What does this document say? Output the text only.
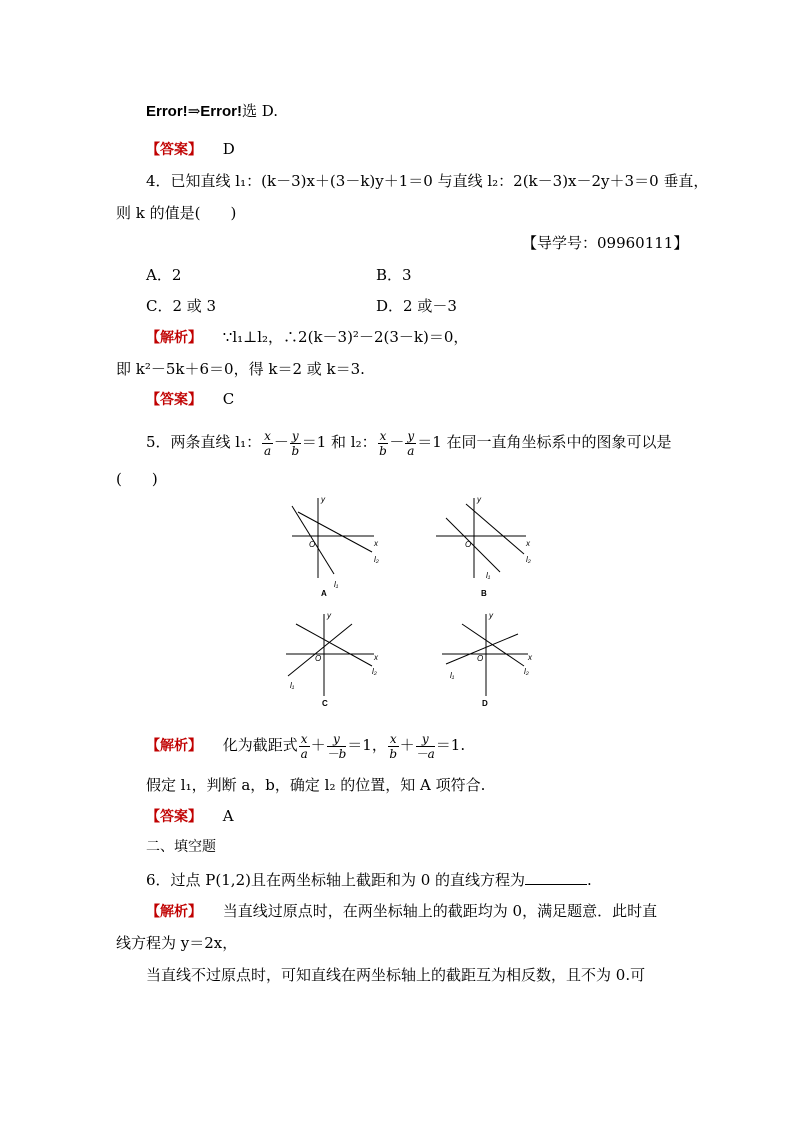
Error!⇒Error!选 D.
【答案】 D
4．已知直线 l₁：(k－3)x＋(3－k)y＋1＝0 与直线 l₂：2(k－3)x－2y＋3＝0 垂直，
则 k 的值是(　　)
【导学号：09960111】
A．2	B．3
C．2 或 3	D．2 或－3
【解析】 ∵l₁⊥l₂，∴2(k－3)²－2(3－k)＝0，
即 k²－5k＋6＝0，得 k＝2 或 k＝3.
【答案】 C
5．两条直线 l₁： $\frac{x}{a} - \frac{y}{b} =1$ 和 l₂： $\frac{x}{b} - \frac{y}{a} =1$ 在同一直角坐标系中的图象可以是
(　　)
y
x
O
l₁
l₂
A
y
x
O
l₁
l₂
B
y
x
O
l₁
l₂
C
y
x
O
l₁	l₂
D
【解析】 化为截距式 $\frac{x}{a} + \frac{y}{-b} =1$， $\frac{x}{b} + \frac{y}{-a} =1$.
假定 l₁，判断 a，b，确定 l₂ 的位置，知 A 项符合.
【答案】 A
二、填空题
6．过点 P(1,2)且在两坐标轴上截距和为 0 的直线方程为	.
【解析】 当直线过原点时，在两坐标轴上的截距均为 0，满足题意．此时直
线方程为 y＝2x，
当直线不过原点时，可知直线在两坐标轴上的截距互为相反数，且不为 0.可
